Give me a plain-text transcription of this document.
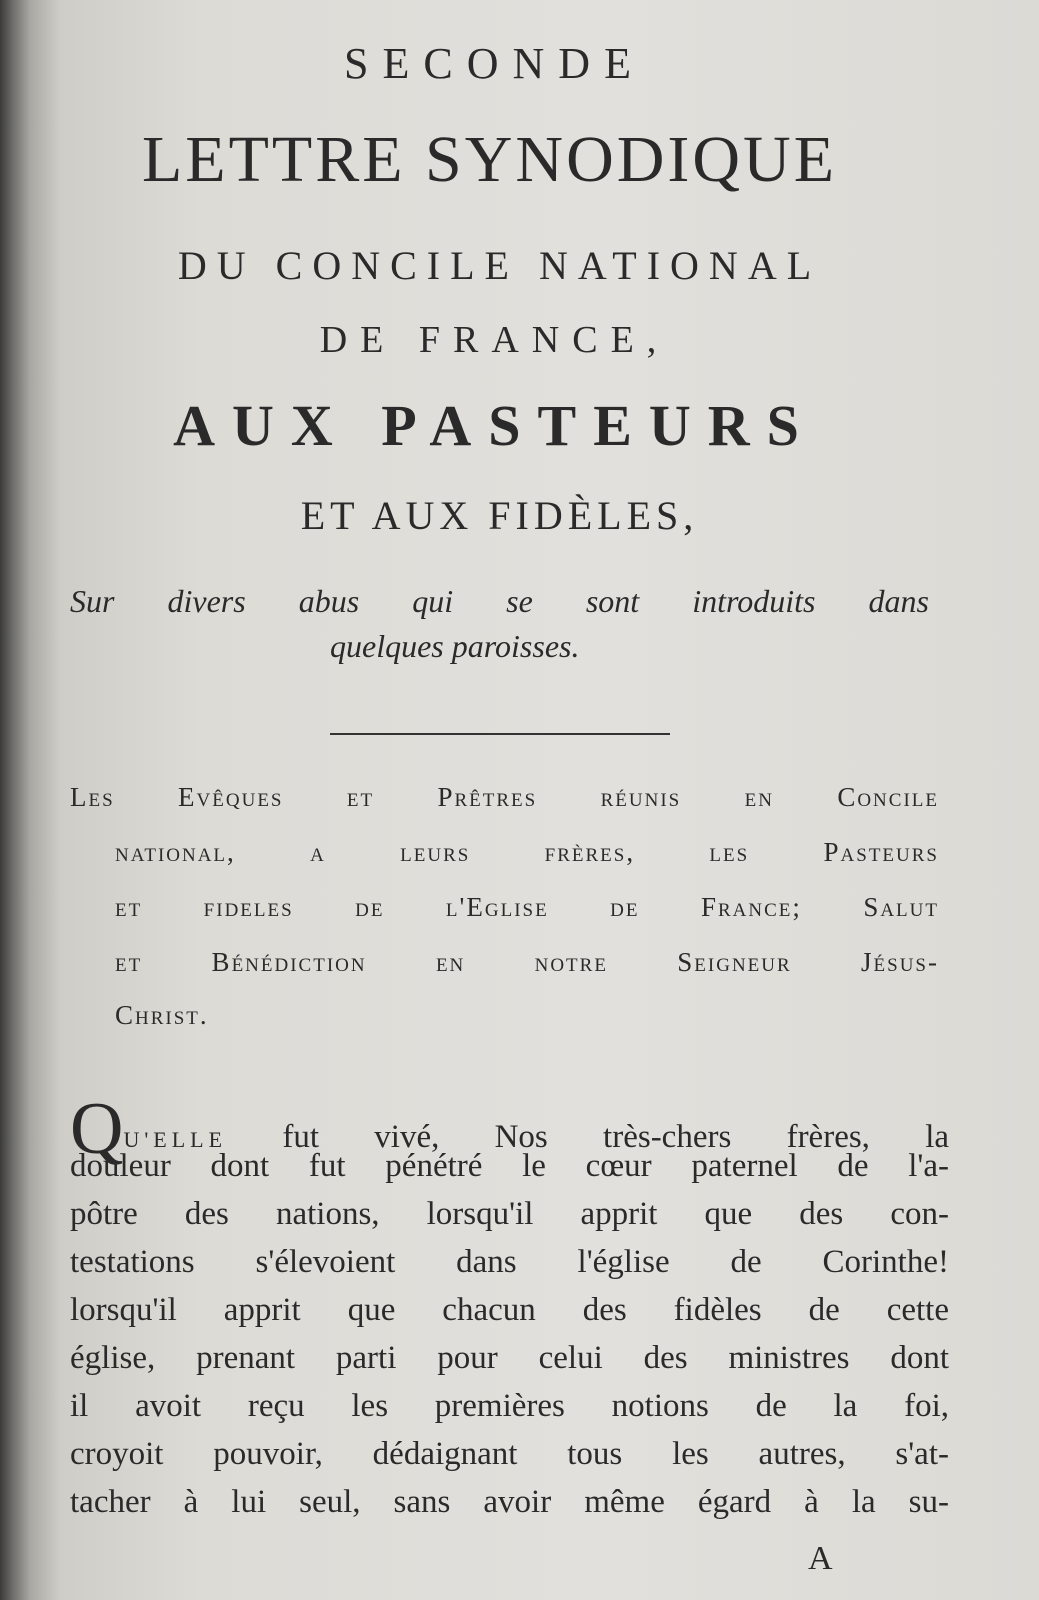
SECONDE
LETTRE SYNODIQUE
DU CONCILE NATIONAL
DE FRANCE,
AUX PASTEURS
ET AUX FIDÈLES,
Sur divers abus qui se sont introduits dans
quelques paroisses.
Les Evêques et Prêtres réunis en Concile
national, a leurs frères, les Pasteurs
et fideles de l'Eglise de France; Salut
et Bénédiction en notre Seigneur Jésus-
Christ.
QU'ELLE fut vivé, Nos très-chers frères, la
douleur dont fut pénétré le cœur paternel de l'a-
pôtre des nations, lorsqu'il apprit que des con-
testations s'élevoient dans l'église de Corinthe!
lorsqu'il apprit que chacun des fidèles de cette
église, prenant parti pour celui des ministres dont
il avoit reçu les premières notions de la foi,
croyoit pouvoir, dédaignant tous les autres, s'at-
tacher à lui seul, sans avoir même égard à la su-
A
